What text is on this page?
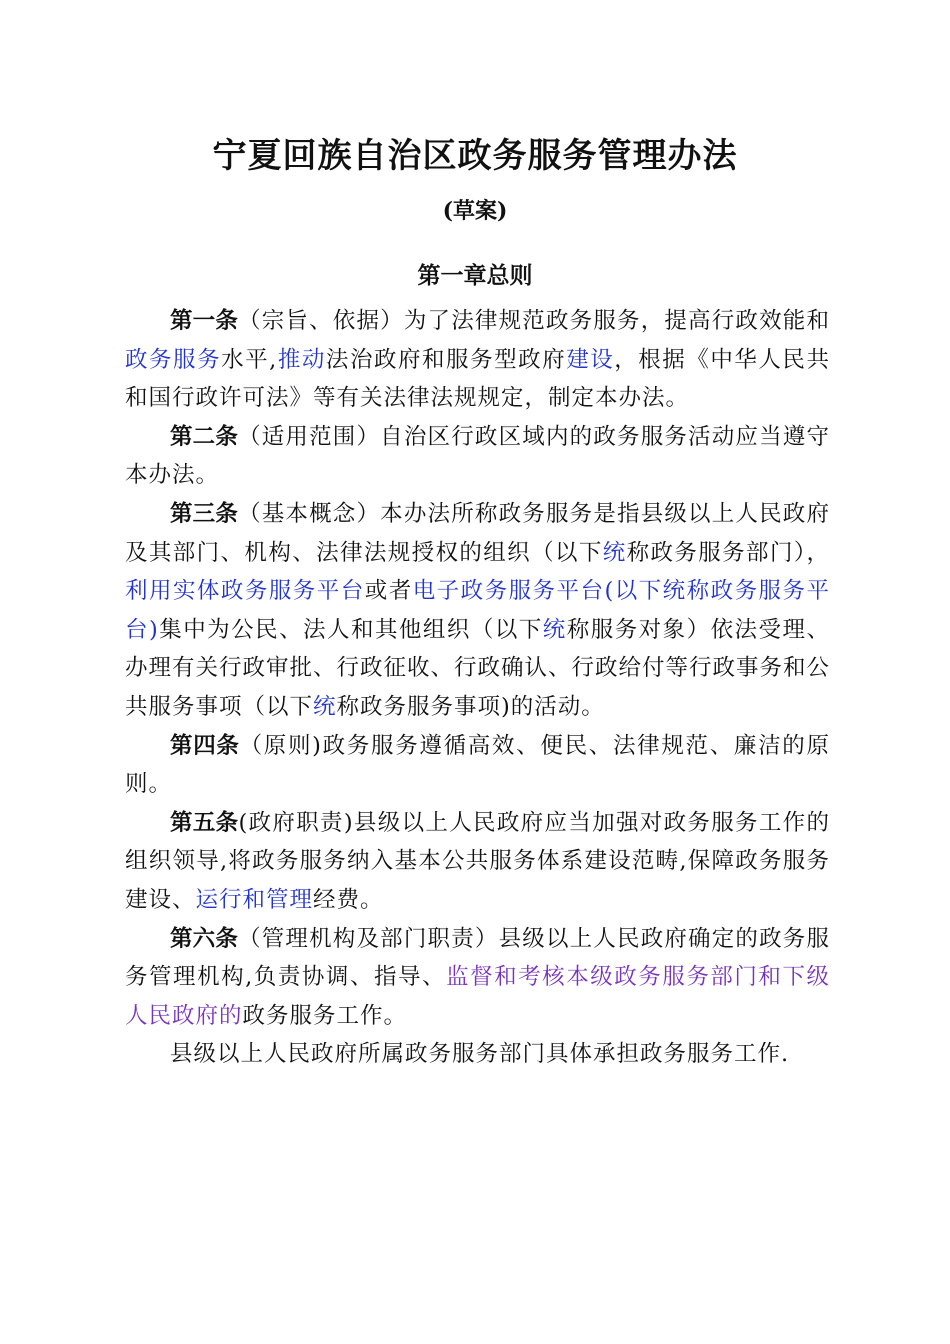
宁夏回族自治区政务服务管理办法
(草案)
第一章总则

第一条（宗旨、依据）为了法律规范政务服务，提高行政效能和政务服务水平,推动法治政府和服务型政府建设，根据《中华人民共和国行政许可法》等有关法律法规规定，制定本办法。

第二条（适用范围）自治区行政区域内的政务服务活动应当遵守本办法。

第三条（基本概念）本办法所称政务服务是指县级以上人民政府及其部门、机构、法律法规授权的组织（以下统称政务服务部门），利用实体政务服务平台或者电子政务服务平台(以下统称政务服务平台)集中为公民、法人和其他组织（以下统称服务对象）依法受理、办理有关行政审批、行政征收、行政确认、行政给付等行政事务和公共服务事项（以下统称政务服务事项)的活动。

第四条（原则)政务服务遵循高效、便民、法律规范、廉洁的原则。

第五条(政府职责)县级以上人民政府应当加强对政务服务工作的组织领导,将政务服务纳入基本公共服务体系建设范畴,保障政务服务建设、运行和管理经费。

第六条（管理机构及部门职责）县级以上人民政府确定的政务服务管理机构,负责协调、指导、监督和考核本级政务服务部门和下级人民政府的政务服务工作。

县级以上人民政府所属政务服务部门具体承担政务服务工作.
